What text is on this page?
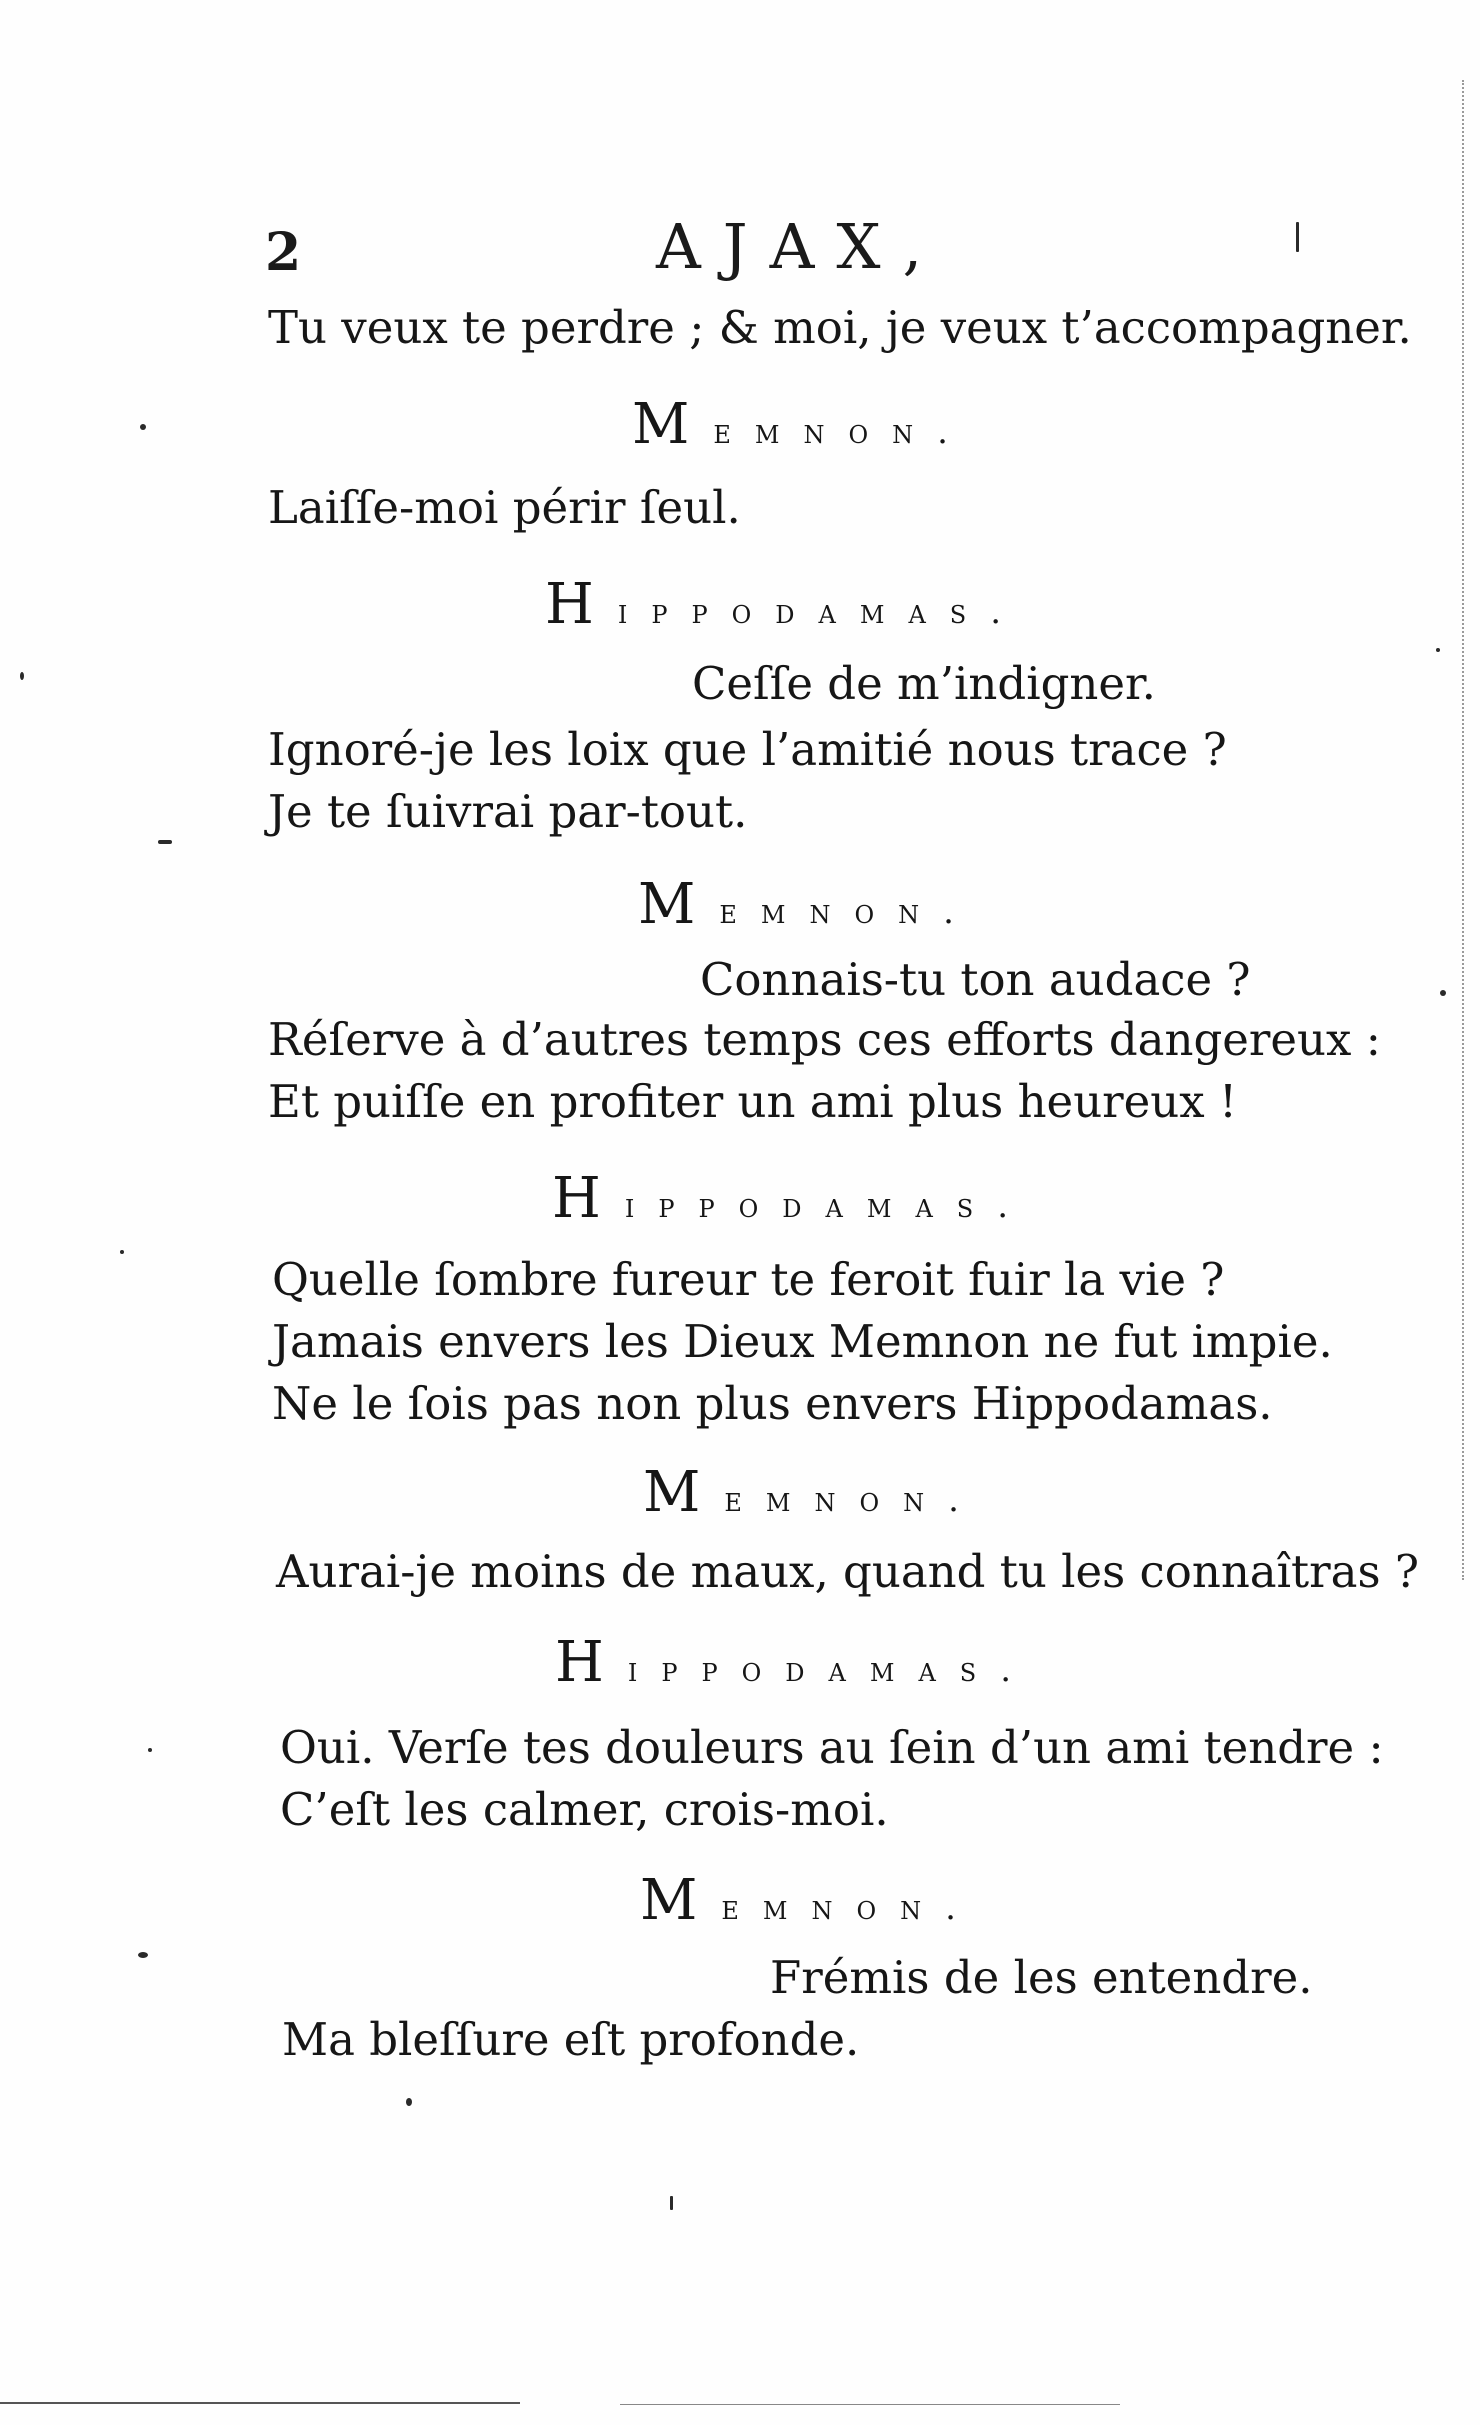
2	AJAX,
Tu veux te perdre ; & moi, je veux t’accompagner.
Memnon.
Laiſſe-moi périr ſeul.
Hippodamas.
Ceſſe de m’indigner.
Ignoré-je les loix que l’amitié nous trace ?
Je te ſuivrai par-tout.
Memnon.
Connais-tu ton audace ?
Réſerve à d’autres temps ces efforts dangereux :
Et puiſſe en profiter un ami plus heureux !
Hippodamas.
Quelle ſombre fureur te feroit fuir la vie ?
Jamais envers les Dieux Memnon ne fut impie.
Ne le ſois pas non plus envers Hippodamas.
Memnon.
Aurai-je moins de maux, quand tu les connaîtras ?
Hippodamas.
Oui. Verſe tes douleurs au ſein d’un ami tendre :
C’eſt les calmer, crois-moi.
Memnon.
Frémis de les entendre.
Ma bleſſure eſt profonde.
